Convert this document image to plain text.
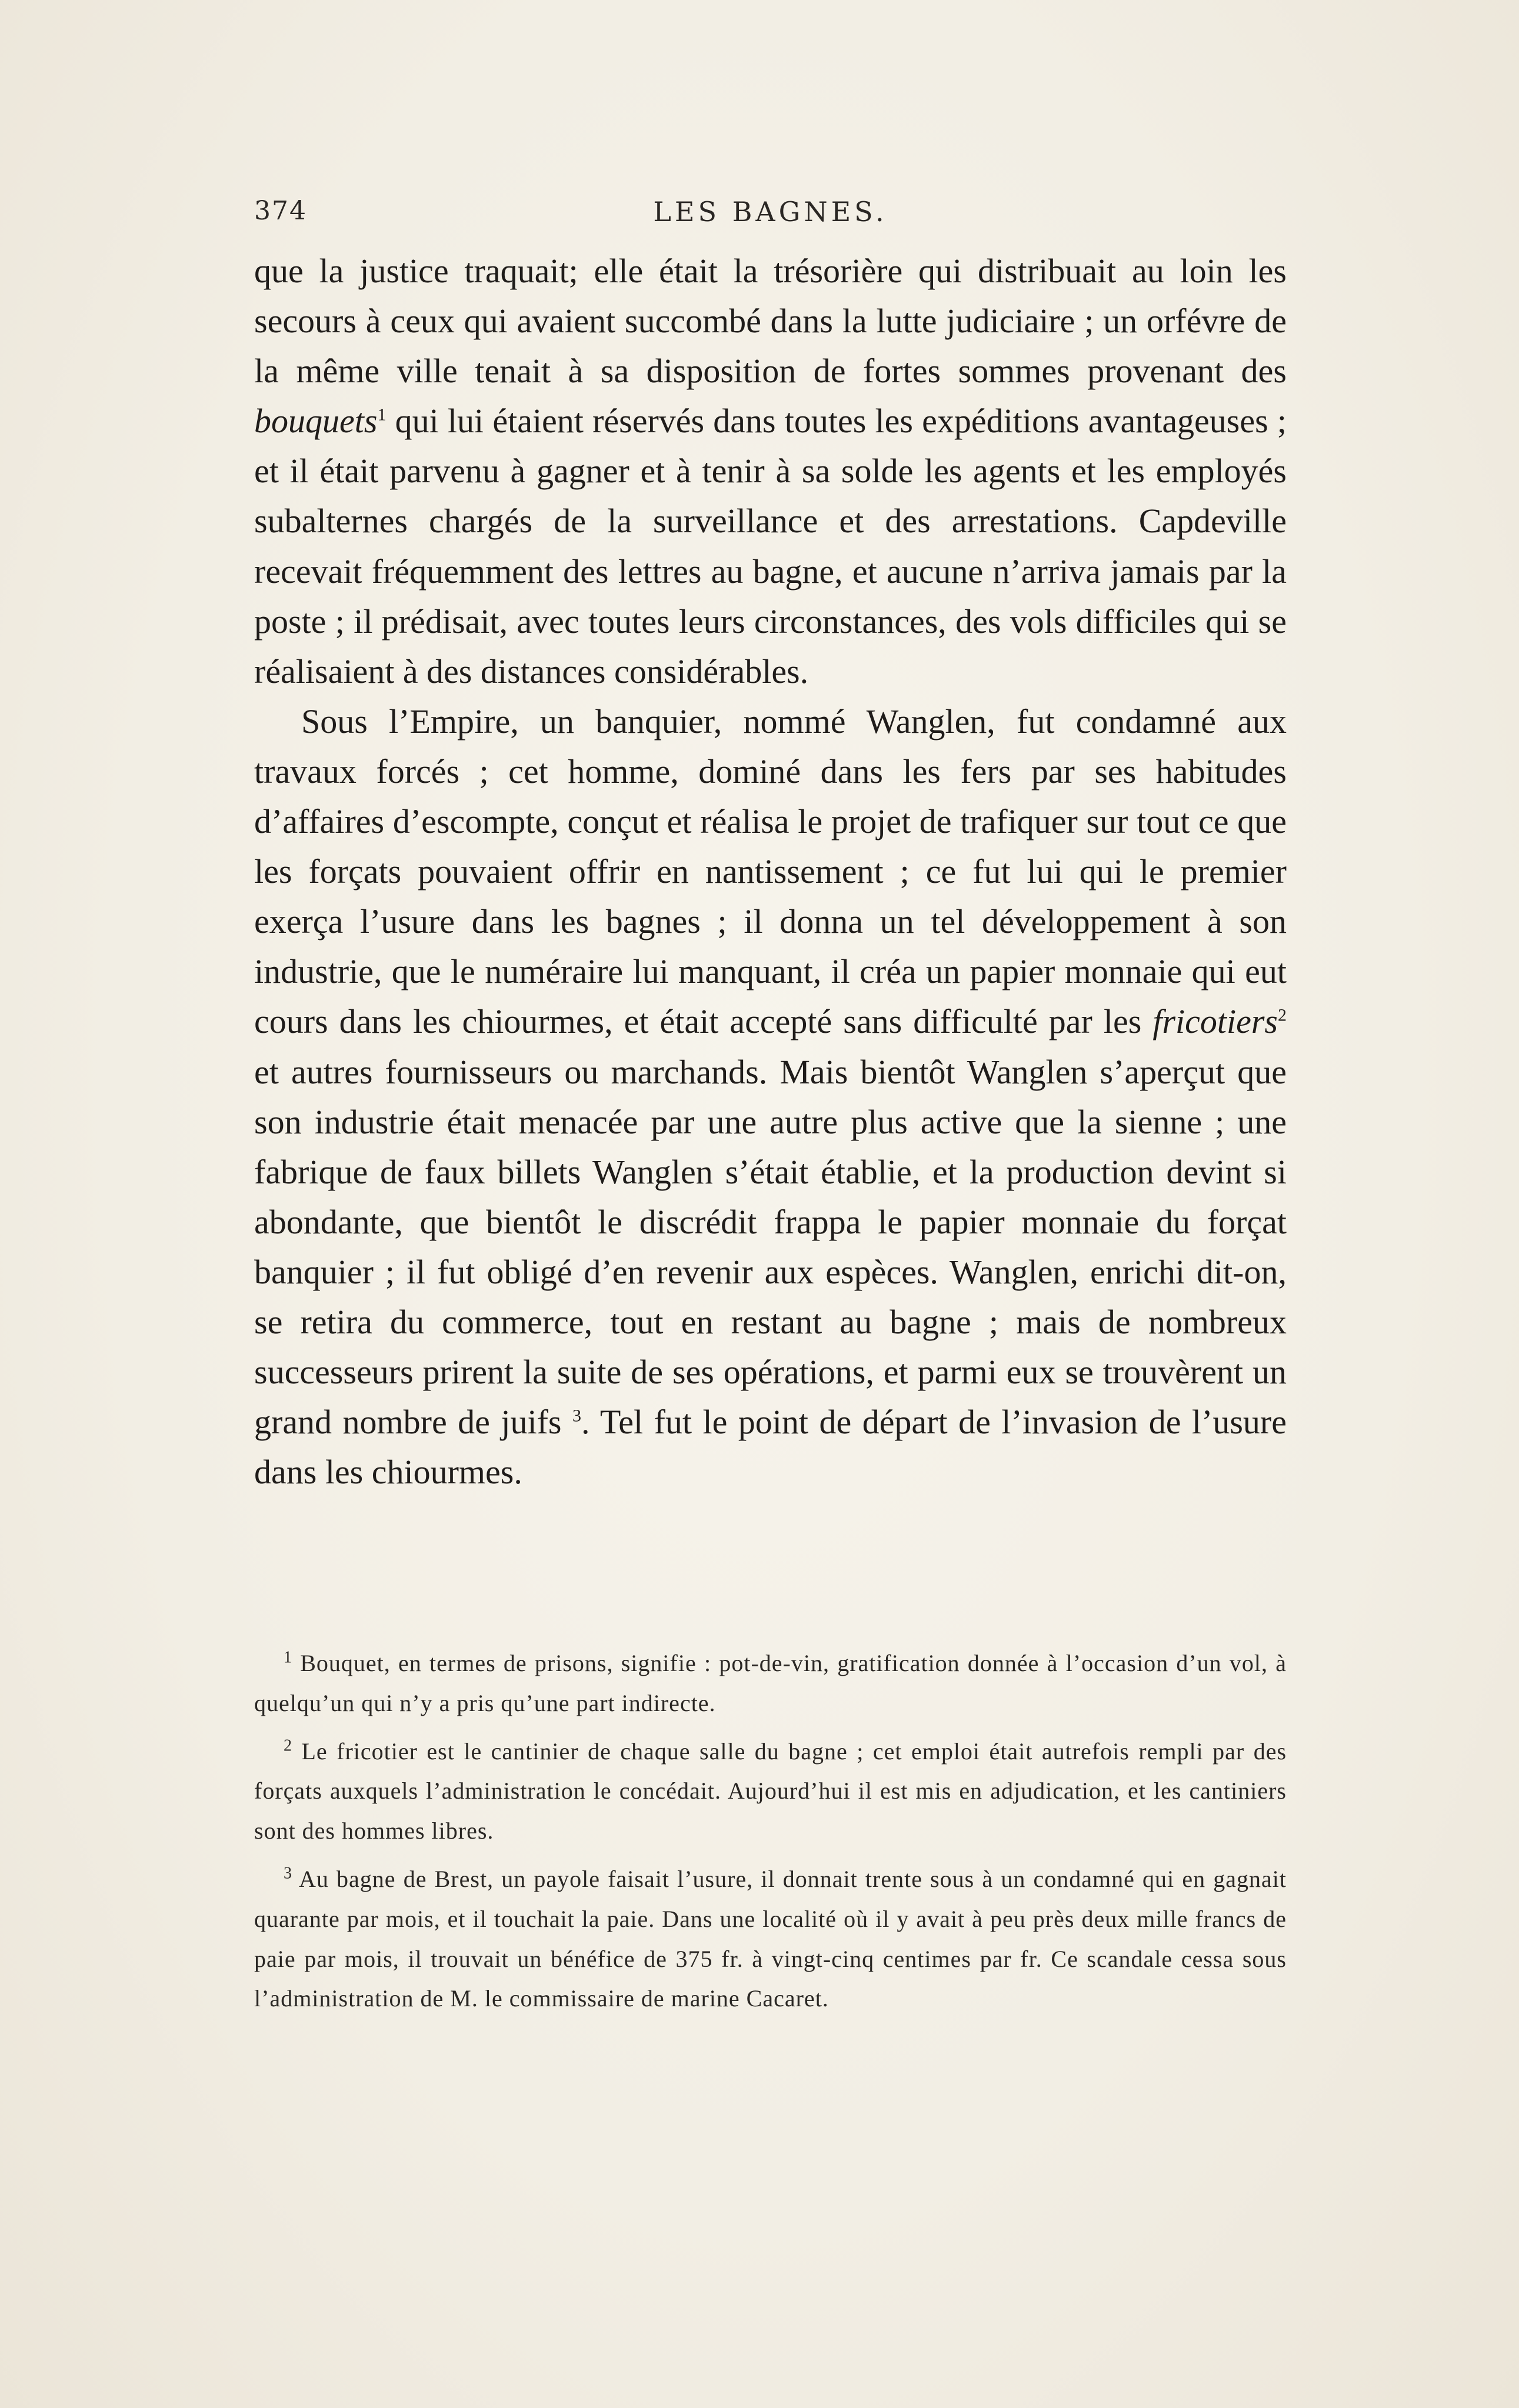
374	LES BAGNES.

que la justice traquait; elle était la trésorière qui distribuait au loin les secours à ceux qui avaient succombé dans la lutte judiciaire ; un orfévre de la même ville tenait à sa disposition de fortes sommes provenant des bouquets$^1$ qui lui étaient réservés dans toutes les expéditions avantageuses ; et il était parvenu à gagner et à tenir à sa solde les agents et les employés subalternes chargés de la surveillance et des arrestations. Capdeville recevait fréquemment des lettres au bagne, et aucune n’arriva jamais par la poste ; il prédisait, avec toutes leurs circonstances, des vols difficiles qui se réalisaient à des distances considérables.

Sous l’Empire, un banquier, nommé Wanglen, fut condamné aux travaux forcés ; cet homme, dominé dans les fers par ses habitudes d’affaires d’escompte, conçut et réalisa le projet de trafiquer sur tout ce que les forçats pouvaient offrir en nantissement ; ce fut lui qui le premier exerça l’usure dans les bagnes ; il donna un tel développement à son industrie, que le numéraire lui manquant, il créa un papier monnaie qui eut cours dans les chiourmes, et était accepté sans difficulté par les fricotiers$^2$ et autres fournisseurs ou marchands. Mais bientôt Wanglen s’aperçut que son industrie était menacée par une autre plus active que la sienne ; une fabrique de faux billets Wanglen s’était établie, et la production devint si abondante, que bientôt le discrédit frappa le papier monnaie du forçat banquier ; il fut obligé d’en revenir aux espèces. Wanglen, enrichi dit-on, se retira du commerce, tout en restant au bagne ; mais de nombreux successeurs prirent la suite de ses opérations, et parmi eux se trouvèrent un grand nombre de juifs $^3$. Tel fut le point de départ de l’invasion de l’usure dans les chiourmes.

$^1$ Bouquet, en termes de prisons, signifie : pot-de-vin, gratification donnée à l’occasion d’un vol, à quelqu’un qui n’y a pris qu’une part indirecte.

$^2$ Le fricotier est le cantinier de chaque salle du bagne ; cet emploi était autrefois rempli par des forçats auxquels l’administration le concédait. Aujourd’hui il est mis en adjudication, et les cantiniers sont des hommes libres.

$^3$ Au bagne de Brest, un payole faisait l’usure, il donnait trente sous à un condamné qui en gagnait quarante par mois, et il touchait la paie. Dans une localité où il y avait à peu près deux mille francs de paie par mois, il trouvait un bénéfice de 375 fr. à vingt-cinq centimes par fr. Ce scandale cessa sous l’administration de M. le commissaire de marine Cacaret.
